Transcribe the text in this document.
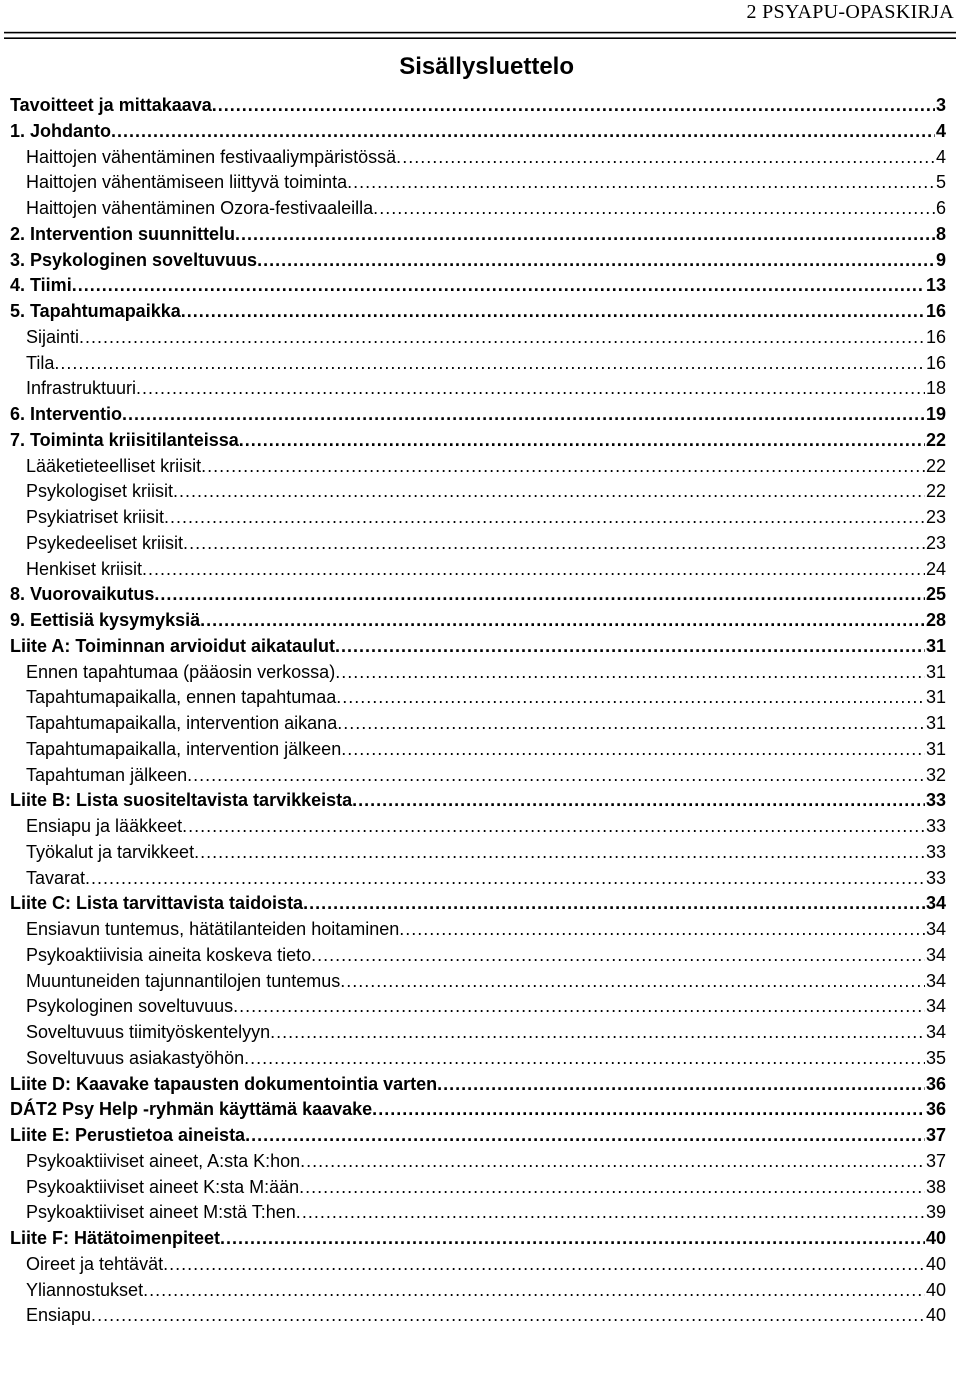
2 PSYAPU-OPASKIRJA
Sisällysluettelo
Tavoitteet ja mittakaava. .....	3
1. Johdanto. .....	4
Haittojen vähentäminen festivaaliympäristössä. .....	4
Haittojen vähentämiseen liittyvä toiminta. .....	5
Haittojen vähentäminen Ozora-festivaaleilla. .....	6
2. Intervention suunnittelu. .....	8
3. Psykologinen soveltuvuus. .....	9
4. Tiimi. .....	13
5. Tapahtumapaikka. .....	16
Sijainti. .....	16
Tila. .....	16
Infrastruktuuri. .....	18
6. Interventio. .....	19
7. Toiminta kriisitilanteissa. .....	22
Lääketieteelliset kriisit. .....	22
Psykologiset kriisit. .....	22
Psykiatriset kriisit. .....	23
Psykedeeliset kriisit. .....	23
Henkiset kriisit. .....	24
8. Vuorovaikutus. .....	25
9. Eettisiä kysymyksiä. .....	28
Liite A: Toiminnan arvioidut aikataulut. .....	31
Ennen tapahtumaa (pääosin verkossa). .....	31
Tapahtumapaikalla, ennen tapahtumaa. .....	31
Tapahtumapaikalla, intervention aikana. .....	31
Tapahtumapaikalla, intervention jälkeen. .....	31
Tapahtuman jälkeen. .....	32
Liite B: Lista suositeltavista tarvikkeista. .....	33
Ensiapu ja lääkkeet. .....	33
Työkalut ja tarvikkeet. .....	33
Tavarat. .....	33
Liite C: Lista tarvittavista taidoista. .....	34
Ensiavun tuntemus, hätätilanteiden hoitaminen. .....	34
Psykoaktiivisia aineita koskeva tieto. .....	34
Muuntuneiden tajunnantilojen tuntemus. .....	34
Psykologinen soveltuvuus. .....	34
Soveltuvuus tiimityöskentelyyn. .....	34
Soveltuvuus asiakastyöhön. .....	35
Liite D: Kaavake tapausten dokumentointia varten. .....	36
DÁT2 Psy Help -ryhmän käyttämä kaavake. .....	36
Liite E: Perustietoa aineista. .....	37
Psykoaktiiviset aineet, A:sta K:hon. .....	37
Psykoaktiiviset aineet K:sta M:ään. .....	38
Psykoaktiiviset aineet M:stä T:hen. .....	39
Liite F: Hätätoimenpiteet. .....	40
Oireet ja tehtävät. .....	40
Yliannostukset. .....	40
Ensiapu. .....	40
